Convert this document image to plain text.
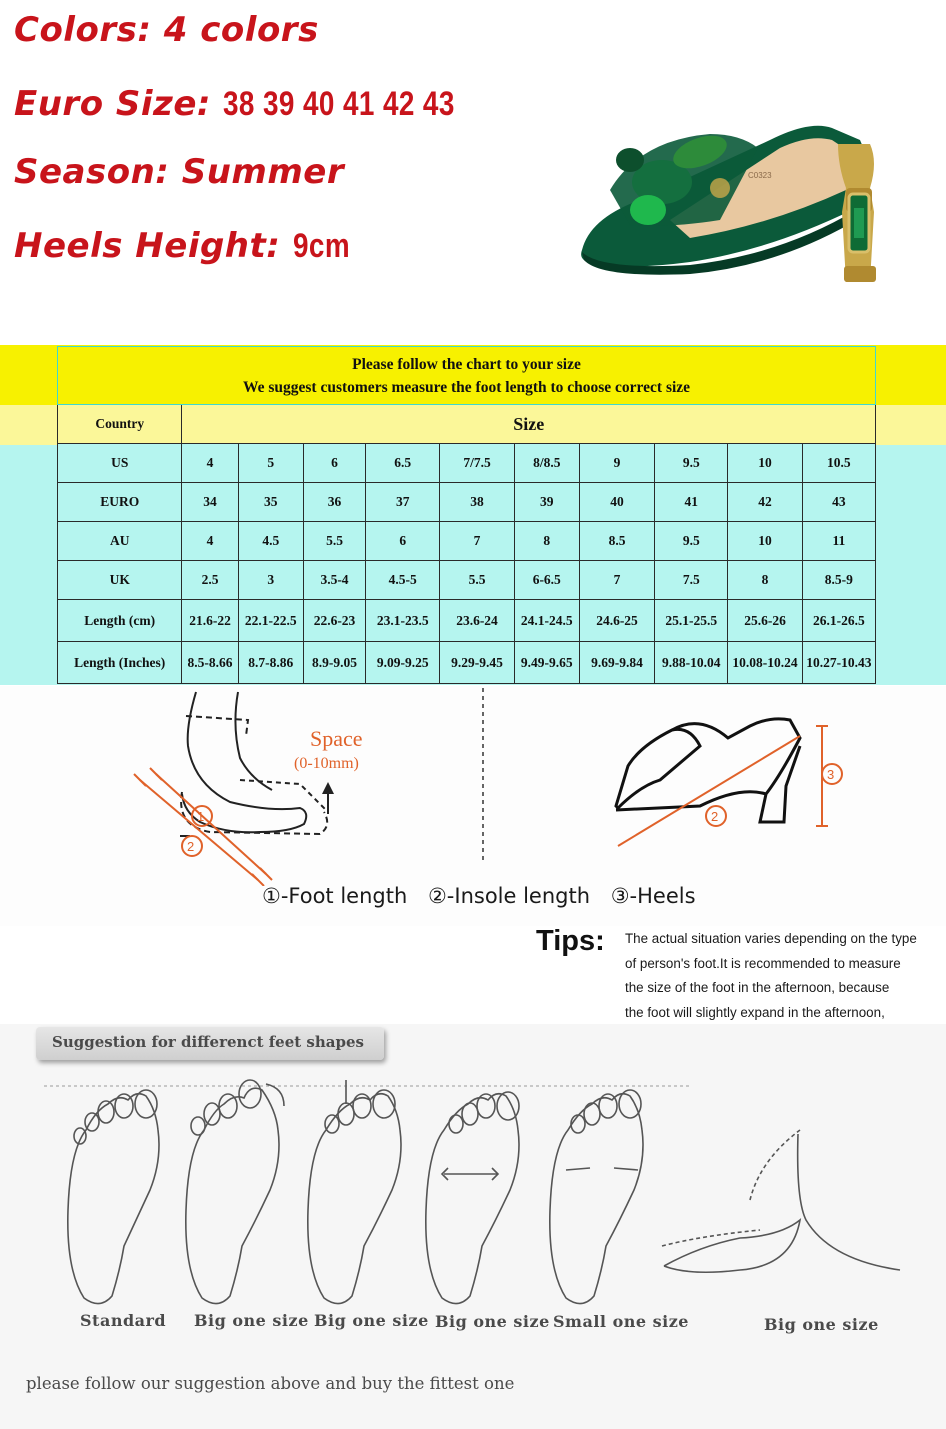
Colors: 4 colors
Euro Size: 38 39 40 41 42 43
Season: Summer
Heels Height: 9cm
C0323
Please follow the chart to your size
We suggest customers measure the foot length to choose correct size										

Country	Size									
US	4	5	6	6.5	7/7.5	8/8.5	9	9.5	10	10.5
EURO	34	35	36	37	38	39	40	41	42	43
AU	4	4.5	5.5	6	7	8	8.5	9.5	10	11
UK	2.5	3	3.5-4	4.5-5	5.5	6-6.5	7	7.5	8	8.5-9
Length (cm)	21.6-22	22.1-22.5	22.6-23	23.1-23.5	23.6-24	24.1-24.5	24.6-25	25.1-25.5	25.6-26	26.1-26.5
Length (Inches)	8.5-8.66	8.7-8.86	8.9-9.05	9.09-9.25	9.29-9.45	9.49-9.65	9.69-9.84	9.88-10.04	10.08-10.24	10.27-10.43
1
2
Space
(0-10mm)
2
3
①-Foot length ②-Insole length ③-Heels
Tips: The actual situation varies depending on the type
of person's foot.It is recommended to measure
the size of the foot in the afternoon, because
the foot will slightly expand in the afternoon,
Suggestion for differenct feet shapes
Standard Big one size Big one size Big one size Small one size	Big one size
please follow our suggestion above and buy the fittest one
